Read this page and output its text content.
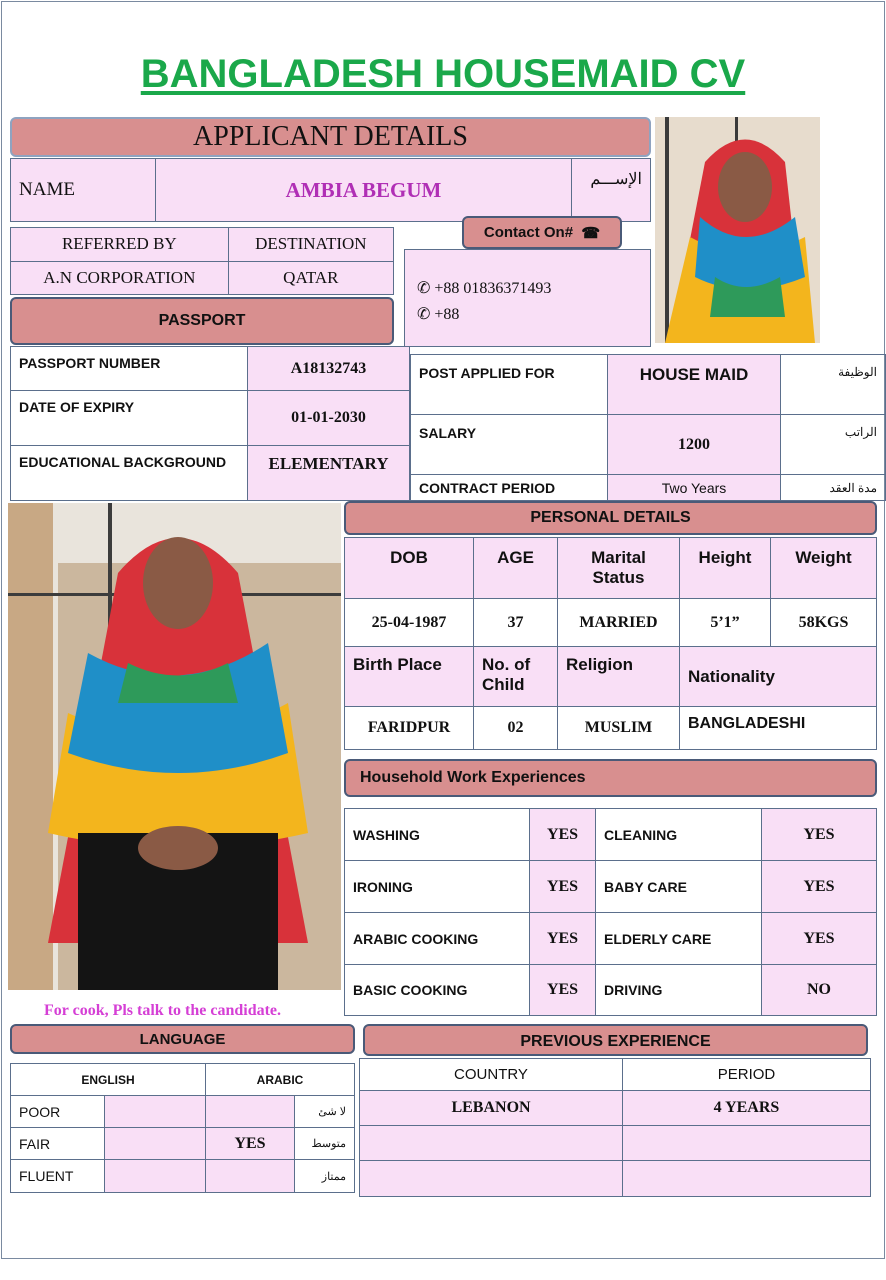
BANGLADESH HOUSEMAID CV
APPLICANT DETAILS
NAME	AMBIA BEGUM	الإســـم
REFERRED BY	DESTINATION
A.N CORPORATION	QATAR
Contact On#
☎
✆ +88 01836371493
✆ +88
PASSPORT
PASSPORT NUMBER	A18132743
DATE OF EXPIRY	01-01-2030
EDUCATIONAL BACKGROUND	ELEMENTARY
POST APPLIED FOR	HOUSE MAID	الوظيفة
SALARY	1200	الراتب
CONTRACT PERIOD	Two Years	مدة العقد
PERSONAL DETAILS
DOB	AGE	Marital Status	Height	Weight
25-04-1987	37	MARRIED	5’1”	58KGS
Birth Place	No. of Child	Religion	Nationality	
FARIDPUR	02	MUSLIM	BANGLADESHI	
Household Work Experiences
WASHING	YES	CLEANING	YES
IRONING	YES	BABY CARE	YES
ARABIC COOKING	YES	ELDERLY CARE	YES
BASIC COOKING	YES	DRIVING	NO
For cook, Pls talk to the candidate.
LANGUAGE
ENGLISH		ARABIC	
POOR			لا شئ
FAIR		YES	متوسط
FLUENT			ممتاز
PREVIOUS EXPERIENCE
COUNTRY	PERIOD
LEBANON	4 YEARS
